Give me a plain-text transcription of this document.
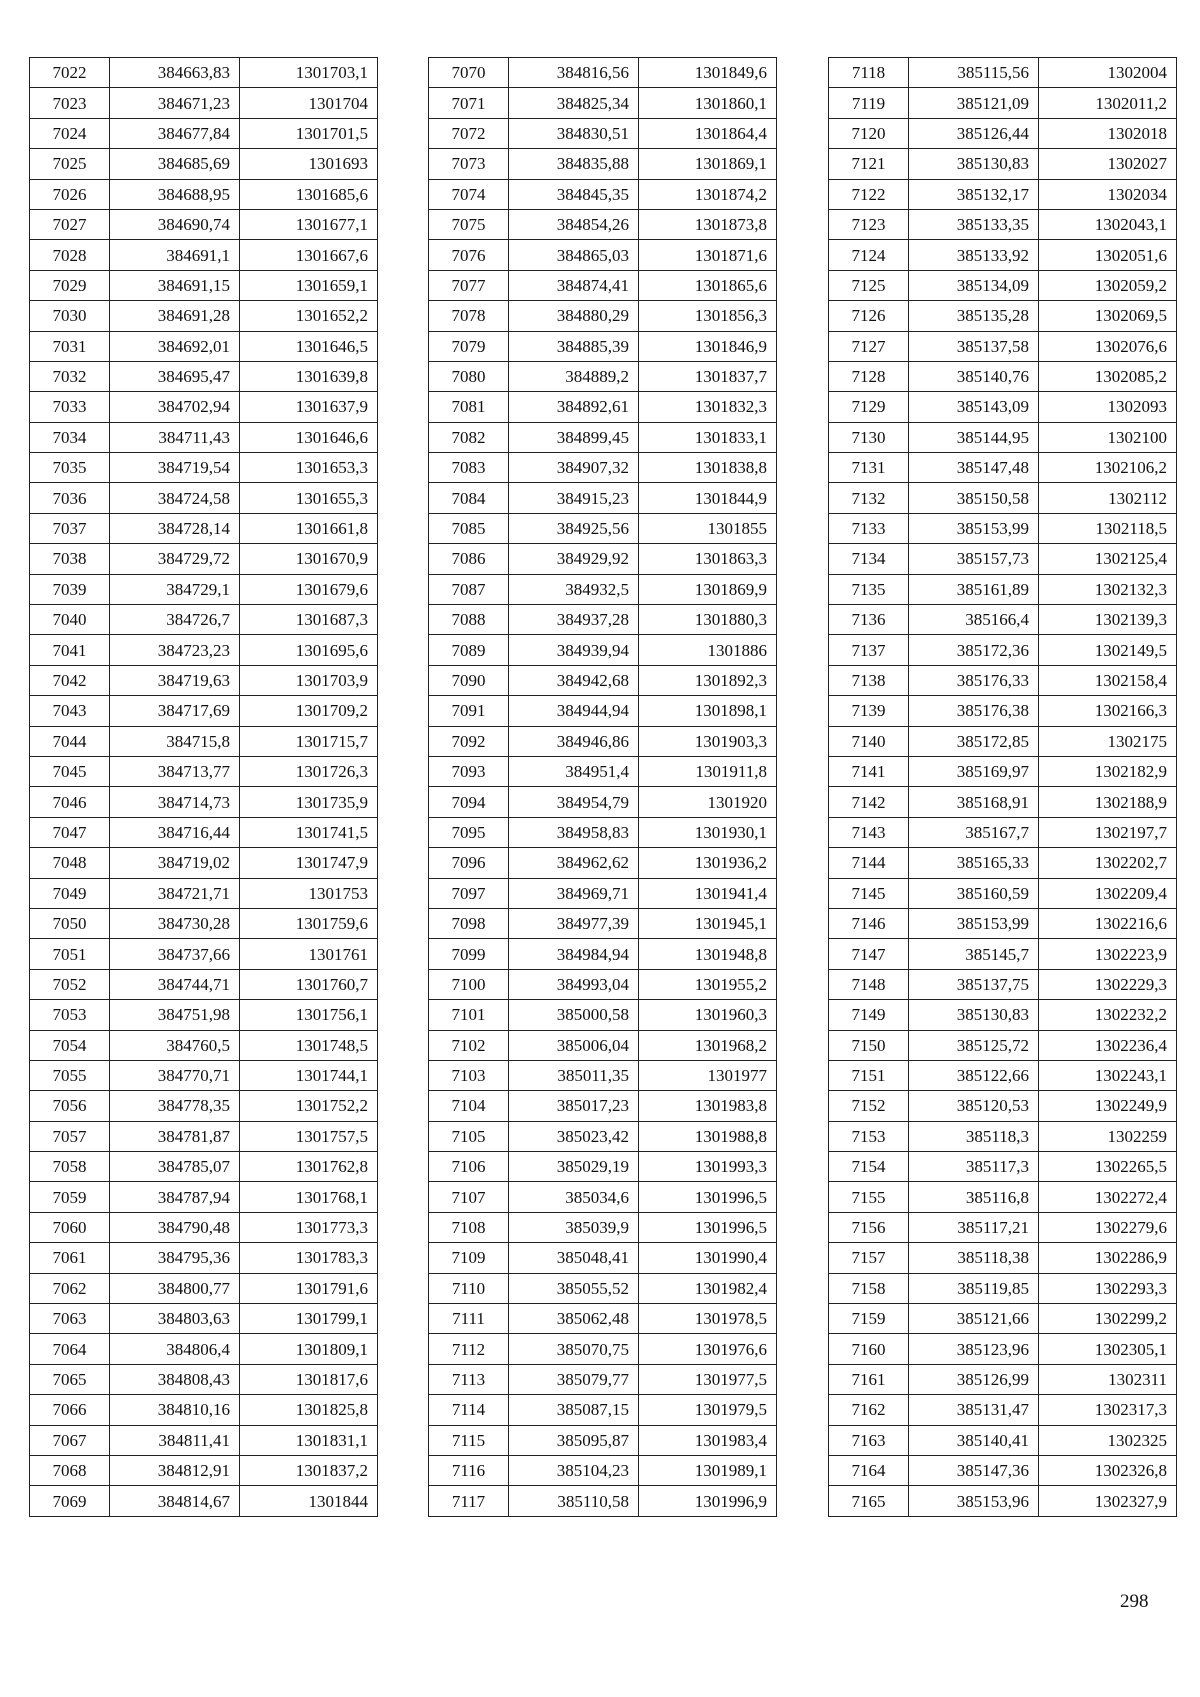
7022	384663,83	1301703,1
7023	384671,23	1301704
7024	384677,84	1301701,5
7025	384685,69	1301693
7026	384688,95	1301685,6
7027	384690,74	1301677,1
7028	384691,1	1301667,6
7029	384691,15	1301659,1
7030	384691,28	1301652,2
7031	384692,01	1301646,5
7032	384695,47	1301639,8
7033	384702,94	1301637,9
7034	384711,43	1301646,6
7035	384719,54	1301653,3
7036	384724,58	1301655,3
7037	384728,14	1301661,8
7038	384729,72	1301670,9
7039	384729,1	1301679,6
7040	384726,7	1301687,3
7041	384723,23	1301695,6
7042	384719,63	1301703,9
7043	384717,69	1301709,2
7044	384715,8	1301715,7
7045	384713,77	1301726,3
7046	384714,73	1301735,9
7047	384716,44	1301741,5
7048	384719,02	1301747,9
7049	384721,71	1301753
7050	384730,28	1301759,6
7051	384737,66	1301761
7052	384744,71	1301760,7
7053	384751,98	1301756,1
7054	384760,5	1301748,5
7055	384770,71	1301744,1
7056	384778,35	1301752,2
7057	384781,87	1301757,5
7058	384785,07	1301762,8
7059	384787,94	1301768,1
7060	384790,48	1301773,3
7061	384795,36	1301783,3
7062	384800,77	1301791,6
7063	384803,63	1301799,1
7064	384806,4	1301809,1
7065	384808,43	1301817,6
7066	384810,16	1301825,8
7067	384811,41	1301831,1
7068	384812,91	1301837,2
7069	384814,67	1301844
7070	384816,56	1301849,6
7071	384825,34	1301860,1
7072	384830,51	1301864,4
7073	384835,88	1301869,1
7074	384845,35	1301874,2
7075	384854,26	1301873,8
7076	384865,03	1301871,6
7077	384874,41	1301865,6
7078	384880,29	1301856,3
7079	384885,39	1301846,9
7080	384889,2	1301837,7
7081	384892,61	1301832,3
7082	384899,45	1301833,1
7083	384907,32	1301838,8
7084	384915,23	1301844,9
7085	384925,56	1301855
7086	384929,92	1301863,3
7087	384932,5	1301869,9
7088	384937,28	1301880,3
7089	384939,94	1301886
7090	384942,68	1301892,3
7091	384944,94	1301898,1
7092	384946,86	1301903,3
7093	384951,4	1301911,8
7094	384954,79	1301920
7095	384958,83	1301930,1
7096	384962,62	1301936,2
7097	384969,71	1301941,4
7098	384977,39	1301945,1
7099	384984,94	1301948,8
7100	384993,04	1301955,2
7101	385000,58	1301960,3
7102	385006,04	1301968,2
7103	385011,35	1301977
7104	385017,23	1301983,8
7105	385023,42	1301988,8
7106	385029,19	1301993,3
7107	385034,6	1301996,5
7108	385039,9	1301996,5
7109	385048,41	1301990,4
7110	385055,52	1301982,4
7111	385062,48	1301978,5
7112	385070,75	1301976,6
7113	385079,77	1301977,5
7114	385087,15	1301979,5
7115	385095,87	1301983,4
7116	385104,23	1301989,1
7117	385110,58	1301996,9
7118	385115,56	1302004
7119	385121,09	1302011,2
7120	385126,44	1302018
7121	385130,83	1302027
7122	385132,17	1302034
7123	385133,35	1302043,1
7124	385133,92	1302051,6
7125	385134,09	1302059,2
7126	385135,28	1302069,5
7127	385137,58	1302076,6
7128	385140,76	1302085,2
7129	385143,09	1302093
7130	385144,95	1302100
7131	385147,48	1302106,2
7132	385150,58	1302112
7133	385153,99	1302118,5
7134	385157,73	1302125,4
7135	385161,89	1302132,3
7136	385166,4	1302139,3
7137	385172,36	1302149,5
7138	385176,33	1302158,4
7139	385176,38	1302166,3
7140	385172,85	1302175
7141	385169,97	1302182,9
7142	385168,91	1302188,9
7143	385167,7	1302197,7
7144	385165,33	1302202,7
7145	385160,59	1302209,4
7146	385153,99	1302216,6
7147	385145,7	1302223,9
7148	385137,75	1302229,3
7149	385130,83	1302232,2
7150	385125,72	1302236,4
7151	385122,66	1302243,1
7152	385120,53	1302249,9
7153	385118,3	1302259
7154	385117,3	1302265,5
7155	385116,8	1302272,4
7156	385117,21	1302279,6
7157	385118,38	1302286,9
7158	385119,85	1302293,3
7159	385121,66	1302299,2
7160	385123,96	1302305,1
7161	385126,99	1302311
7162	385131,47	1302317,3
7163	385140,41	1302325
7164	385147,36	1302326,8
7165	385153,96	1302327,9
298
